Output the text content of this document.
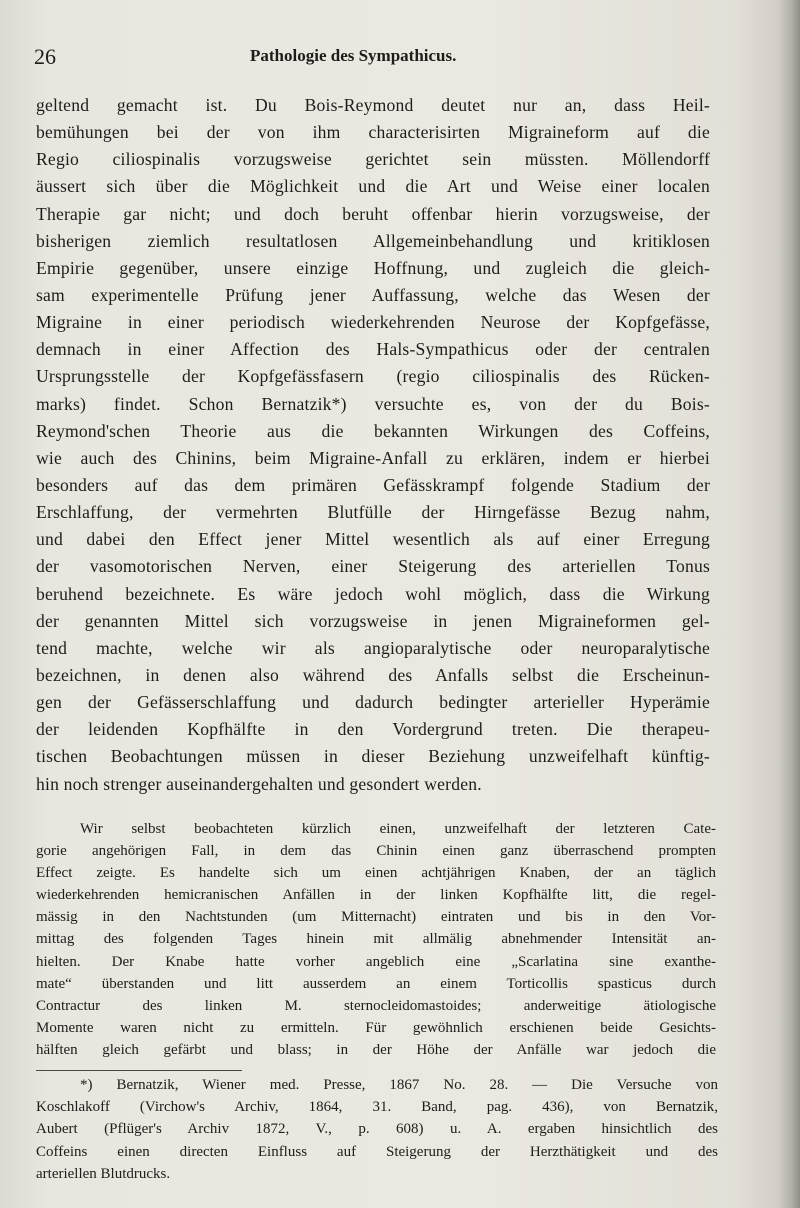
26	Pathologie des Sympathicus.
geltend gemacht ist. Du Bois-Reymond deutet nur an, dass Heil-
bemühungen bei der von ihm characterisirten Migraineform auf die
Regio ciliospinalis vorzugsweise gerichtet sein müssten. Möllendorff
äussert sich über die Möglichkeit und die Art und Weise einer localen
Therapie gar nicht; und doch beruht offenbar hierin vorzugsweise, der
bisherigen ziemlich resultatlosen Allgemeinbehandlung und kritiklosen
Empirie gegenüber, unsere einzige Hoffnung, und zugleich die gleich-
sam experimentelle Prüfung jener Auffassung, welche das Wesen der
Migraine in einer periodisch wiederkehrenden Neurose der Kopfgefässe,
demnach in einer Affection des Hals-Sympathicus oder der centralen
Ursprungsstelle der Kopfgefässfasern (regio ciliospinalis des Rücken-
marks) findet. Schon Bernatzik*) versuchte es, von der du Bois-
Reymond'schen Theorie aus die bekannten Wirkungen des Coffeins,
wie auch des Chinins, beim Migraine-Anfall zu erklären, indem er hierbei
besonders auf das dem primären Gefässkrampf folgende Stadium der
Erschlaffung, der vermehrten Blutfülle der Hirngefässe Bezug nahm,
und dabei den Effect jener Mittel wesentlich als auf einer Erregung
der vasomotorischen Nerven, einer Steigerung des arteriellen Tonus
beruhend bezeichnete. Es wäre jedoch wohl möglich, dass die Wirkung
der genannten Mittel sich vorzugsweise in jenen Migraineformen gel-
tend machte, welche wir als angioparalytische oder neuroparalytische
bezeichnen, in denen also während des Anfalls selbst die Erscheinun-
gen der Gefässerschlaffung und dadurch bedingter arterieller Hyperämie
der leidenden Kopfhälfte in den Vordergrund treten. Die therapeu-
tischen Beobachtungen müssen in dieser Beziehung unzweifelhaft künftig-
hin noch strenger auseinandergehalten und gesondert werden.
Wir selbst beobachteten kürzlich einen, unzweifelhaft der letzteren Cate-
gorie angehörigen Fall, in dem das Chinin einen ganz überraschend prompten
Effect zeigte. Es handelte sich um einen achtjährigen Knaben, der an täglich
wiederkehrenden hemicranischen Anfällen in der linken Kopfhälfte litt, die regel-
mässig in den Nachtstunden (um Mitternacht) eintraten und bis in den Vor-
mittag des folgenden Tages hinein mit allmälig abnehmender Intensität an-
hielten. Der Knabe hatte vorher angeblich eine „Scarlatina sine exanthe-
mate“ überstanden und litt ausserdem an einem Torticollis spasticus durch
Contractur des linken M. sternocleidomastoides; anderweitige ätiologische
Momente waren nicht zu ermitteln. Für gewöhnlich erschienen beide Gesichts-
hälften gleich gefärbt und blass; in der Höhe der Anfälle war jedoch die
*) Bernatzik, Wiener med. Presse, 1867 No. 28. — Die Versuche von
Koschlakoff (Virchow's Archiv, 1864, 31. Band, pag. 436), von Bernatzik,
Aubert (Pflüger's Archiv 1872, V., p. 608) u. A. ergaben hinsichtlich des
Coffeins einen directen Einfluss auf Steigerung der Herzthätigkeit und des
arteriellen Blutdrucks.
